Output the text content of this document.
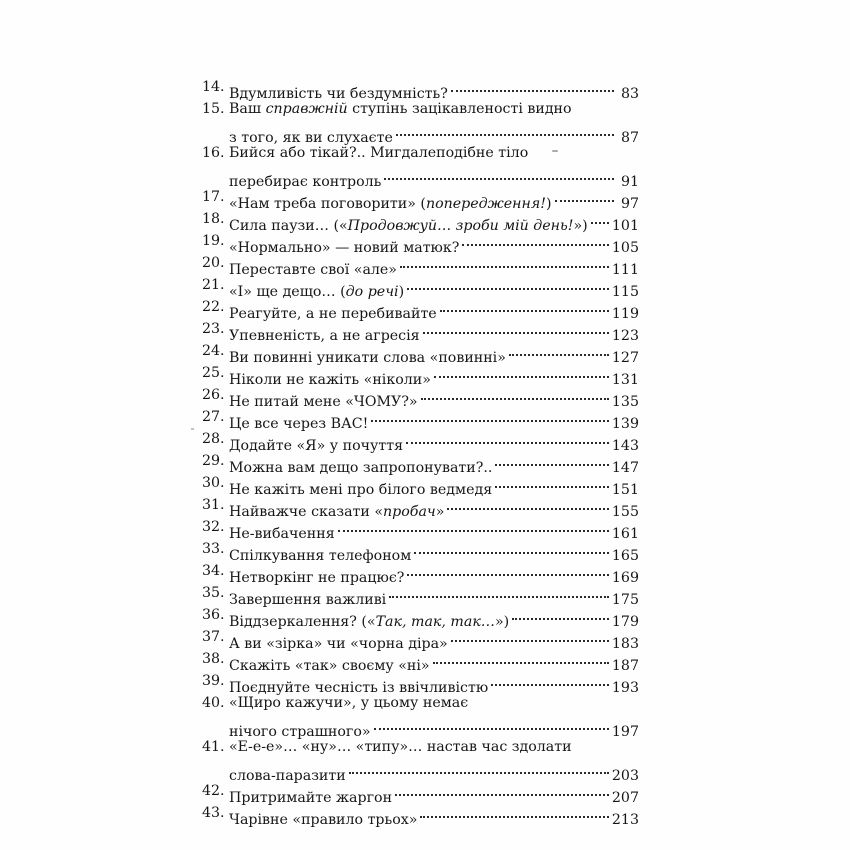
14. Вдумливість чи бездумність?	83
15. Ваш справжній ступінь зацікавленості видно
з того, як ви слухаєте	87
16. Бийся або тікай?.. Мигдалеподібне тіло
перебирає контроль	91
17. «Нам треба поговорити» (попередження!)	97
18. Сила паузи… («Продовжуй… зроби мій день!») 101
19. «Нормально» — новий матюк?	105
20. Переставте свої «але»	111
21. «І» ще дещо… (до речі)	115
22. Реагуйте, а не перебивайте	119
23. Упевненість, а не агресія	123
24. Ви повинні уникати слова «повинні»	127
25. Ніколи не кажіть «ніколи»	131
26. Не питай мене «ЧОМУ?»	135
27. Це все через ВАС!	139
28. Додайте «Я» у почуття	143
29. Можна вам дещо запропонувати?..	147
30. Не кажіть мені про білого ведмедя	151
31. Найважче сказати «пробач»	155
32. Не-вибачення	161
33. Спілкування телефоном	165
34. Нетворкінг не працює?	169
35. Завершення важливі	175
36. Віддзеркалення? («Так, так, так…»)	179
37. А ви «зірка» чи «чорна діра»	183
38. Скажіть «так» своєму «ні»	187
39. Поєднуйте чесність із ввічливістю	193
40. «Щиро кажучи», у цьому немає
нічого страшного»	197
41. «Е-е-е»… «ну»… «типу»… настав час здолати
слова-паразити	203
42. Притримайте жаргон	207
43. Чарівне «правило трьох»	213
